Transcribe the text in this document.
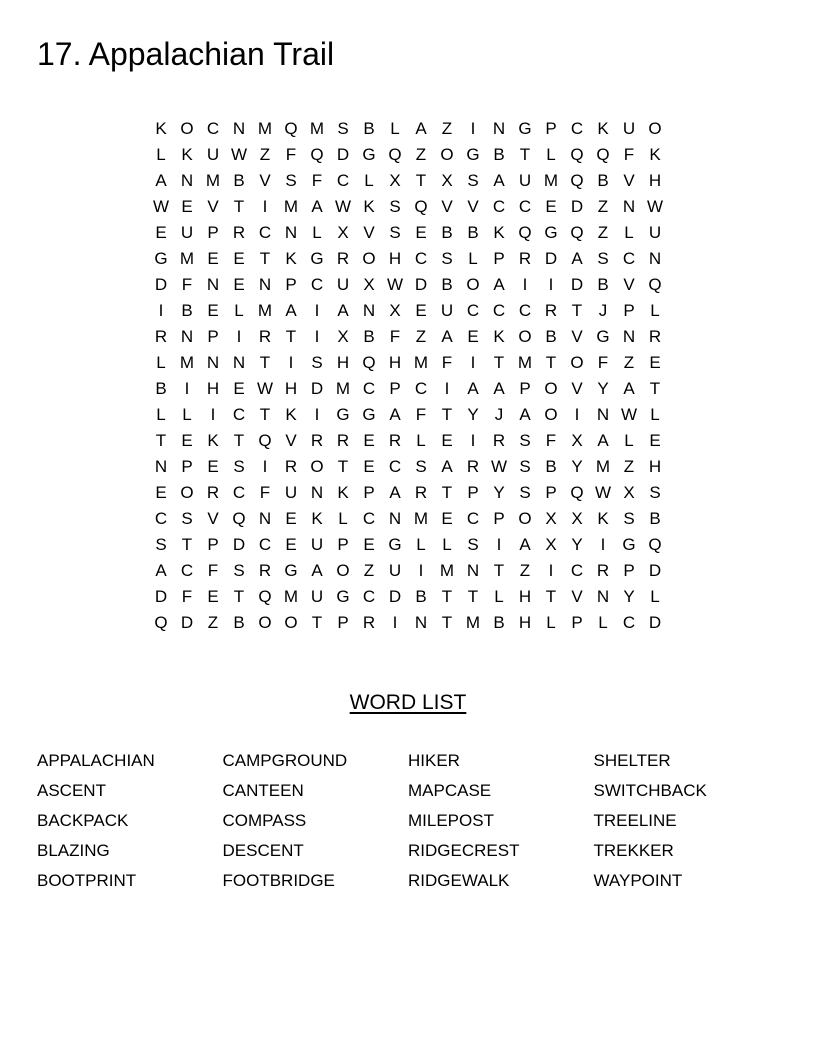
17. Appalachian Trail
K O C N M Q M S B L A Z	I	N G P C K U O
L K U W Z F Q D G Q Z O G B T L Q Q F K
A N M B V S F C L X T X S A U M Q B V H
W E V T	I M A W K S Q V V C C E D Z N W
E U P R C N L X V S E B B K Q G Q Z L U
G M E E T K G R O H C S L P R D A S C N
D F N E N P C U X W D B O A	I	I	D B V Q
I	B E L M A	I	A N X E U C C C R T J P L
R N P	I	R T	I	X B F Z A E K O B V G N R
L M N N T	I	S H Q H M F	I	T M T O F Z E
B	I	H E W H D M C P C	I	A A P O V Y A T
L L	I	C T K	I	G G A F T Y J A O	I	N W L
T E K T Q V R R E R L E	I	R S F X A L E
N P E S	I	R O T E C S A R W S B Y M Z H
E O R C F U N K P A R T P Y S P Q W X S
C S V Q N E K L C N M E C P O X X K S B
S T P D C E U P E G L L S	I	A X Y	I	G Q
A C F S R G A O Z U	I M N T Z	I	C R P D
D F E T Q M U G C D B T T L H T V N Y L
Q D Z B O O T P R	I	N T M B H L P L C D
WORD LIST
APPALACHIAN
ASCENT
BACKPACK
BLAZING
BOOTPRINT
CAMPGROUND
CANTEEN
COMPASS
DESCENT
FOOTBRIDGE
HIKER
MAPCASE
MILEPOST
RIDGECREST
RIDGEWALK
SHELTER
SWITCHBACK
TREELINE
TREKKER
WAYPOINT
